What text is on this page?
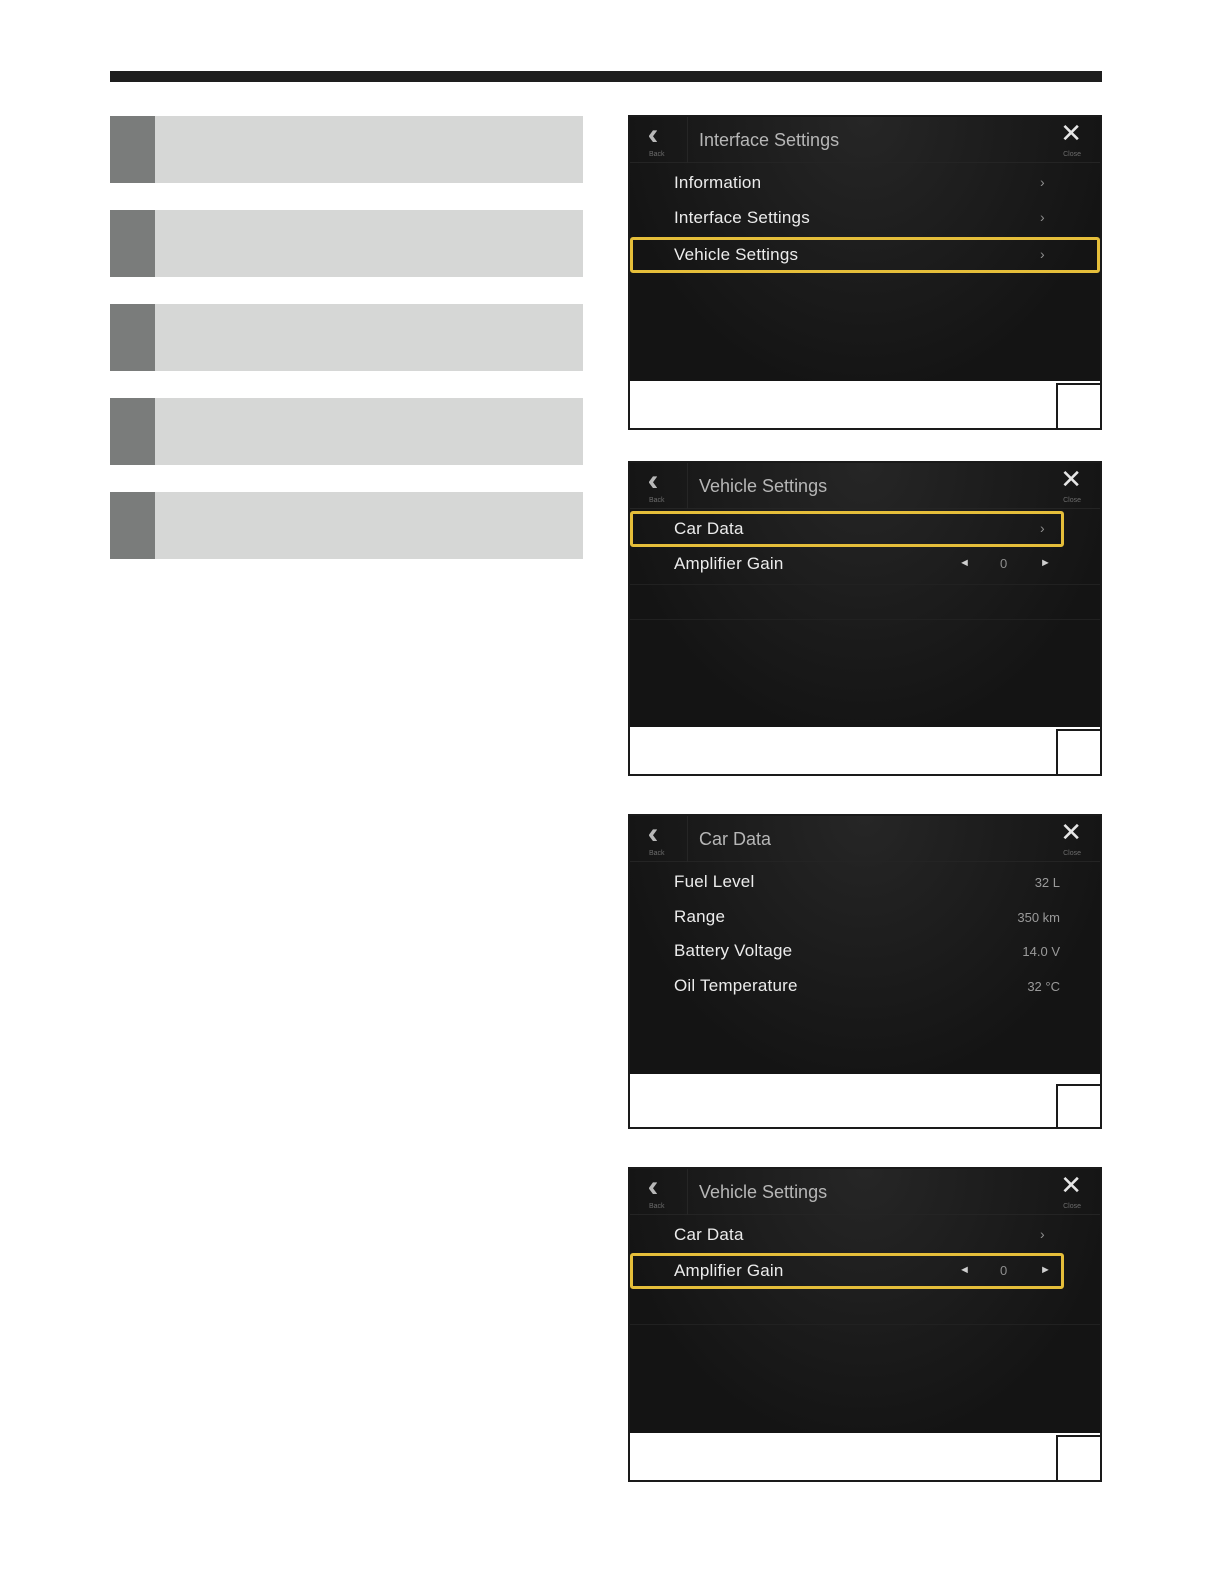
Back
Interface Settings	✕
Close
Information	›
Interface Settings	›
Vehicle Settings	›
Back
Vehicle Settings	✕
Close
Car Data	›
Amplifier Gain	◄ 0	►
Back
Car Data	✕
Close
Fuel Level	32 L
Range	350 km
Battery Voltage	14.0 V
Oil Temperature	32 °C
Back
Vehicle Settings	✕
Close
Car Data	›
Amplifier Gain	◄ 0	►
